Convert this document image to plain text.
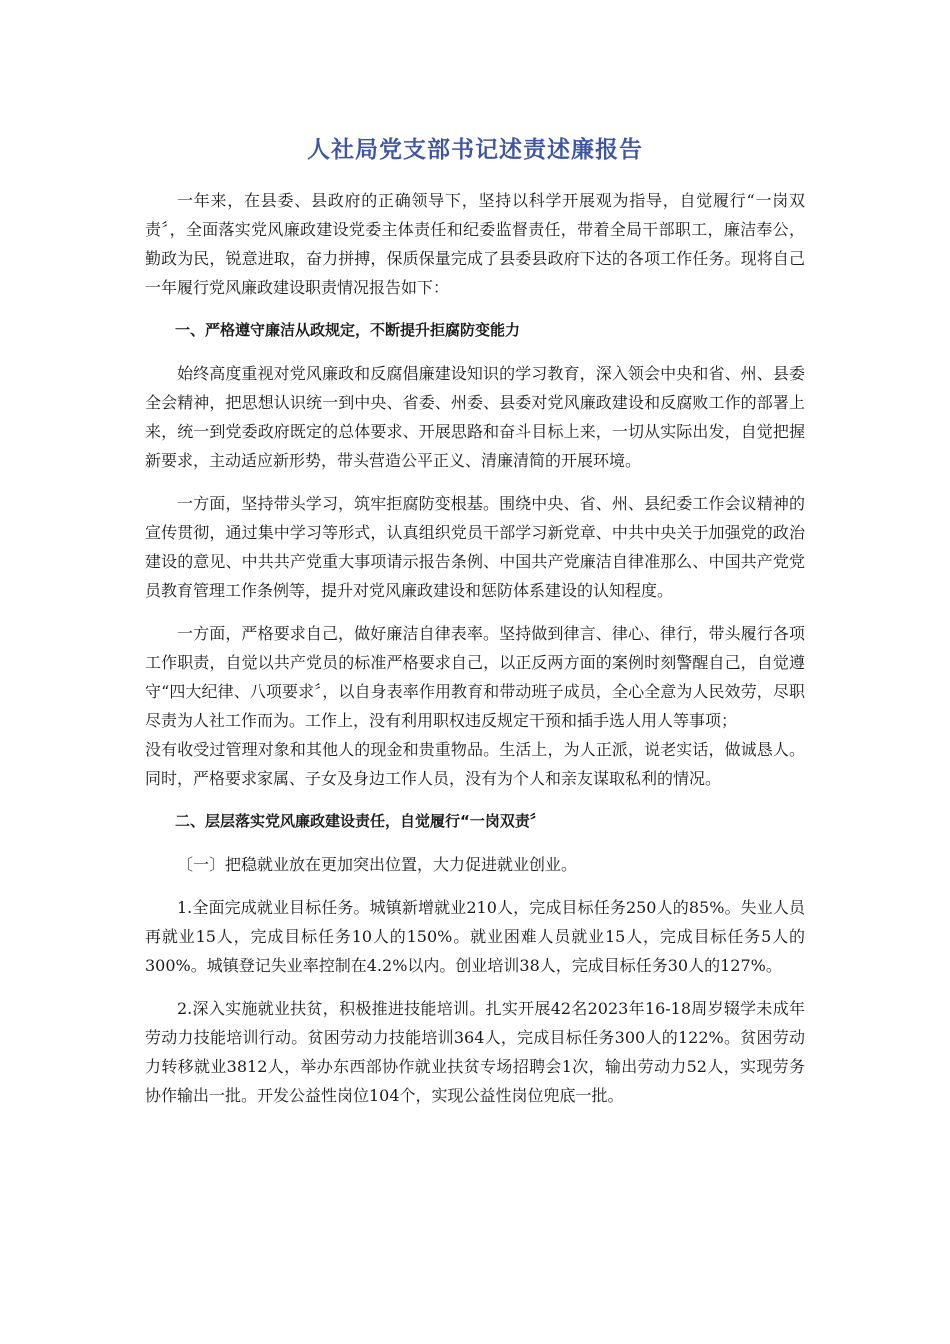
人社局党支部书记述责述廉报告

一年来，在县委、县政府的正确领导下，坚持以科学开展观为指导，自觉履行“一岗双责〞，全面落实党风廉政建设党委主体责任和纪委监督责任，带着全局干部职工，廉洁奉公，勤政为民，锐意进取，奋力拼搏，保质保量完成了县委县政府下达的各项工作任务。现将自己一年履行党风廉政建设职责情况报告如下：

一、严格遵守廉洁从政规定，不断提升拒腐防变能力

始终高度重视对党风廉政和反腐倡廉建设知识的学习教育，深入领会中央和省、州、县委全会精神，把思想认识统一到中央、省委、州委、县委对党风廉政建设和反腐败工作的部署上来，统一到党委政府既定的总体要求、开展思路和奋斗目标上来，一切从实际出发，自觉把握新要求，主动适应新形势，带头营造公平正义、清廉清简的开展环境。

一方面，坚持带头学习，筑牢拒腐防变根基。围绕中央、省、州、县纪委工作会议精神的宣传贯彻，通过集中学习等形式，认真组织党员干部学习新党章、中共中央关于加强党的政治建设的意见、中共共产党重大事项请示报告条例、中国共产党廉洁自律准那么、中国共产党党员教育管理工作条例等，提升对党风廉政建设和惩防体系建设的认知程度。

一方面，严格要求自己，做好廉洁自律表率。坚持做到律言、律心、律行，带头履行各项工作职责，自觉以共产党员的标准严格要求自己，以正反两方面的案例时刻警醒自己，自觉遵守“四大纪律、八项要求〞，以自身表率作用教育和带动班子成员，全心全意为人民效劳，尽职尽责为人社工作而为。工作上，没有利用职权违反规定干预和插手选人用人等事项；

没有收受过管理对象和其他人的现金和贵重物品。生活上，为人正派，说老实话，做诚恳人。同时，严格要求家属、子女及身边工作人员，没有为个人和亲友谋取私利的情况。

二、层层落实党风廉政建设责任，自觉履行“一岗双责〞

〔一〕把稳就业放在更加突出位置，大力促进就业创业。

1.全面完成就业目标任务。城镇新增就业210人，完成目标任务250人的85%。失业人员再就业15人，完成目标任务10人的150%。就业困难人员就业15人，完成目标任务5人的300%。城镇登记失业率控制在4.2%以内。创业培训38人，完成目标任务30人的127%。

2.深入实施就业扶贫，积极推进技能培训。扎实开展42名2023年16-18周岁辍学未成年劳动力技能培训行动。贫困劳动力技能培训364人，完成目标任务300人的122%。贫困劳动力转移就业3812人，举办东西部协作就业扶贫专场招聘会1次，输出劳动力52人，实现劳务协作输出一批。开发公益性岗位104个，实现公益性岗位兜底一批。
